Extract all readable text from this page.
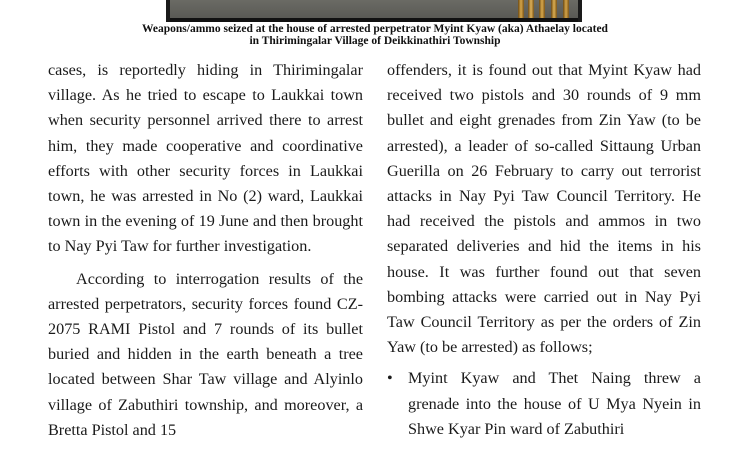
Weapons/ammo seized at the house of arrested perpetrator Myint Kyaw (aka) Athaelay located
in Thirimingalar Village of Deikkinathiri Township

cases, is reportedly hiding in Thirimingalar village. As he tried to escape to Laukkai town when security personnel arrived there to arrest him, they made cooperative and coordinative efforts with other security forces in Laukkai town, he was arrested in No (2) ward, Laukkai town in the evening of 19 June and then brought to Nay Pyi Taw for further investigation.

According to interrogation results of the arrested perpetrators, security forces found CZ-2075 RAMI Pistol and 7 rounds of its bullet buried and hidden in the earth beneath a tree located between Shar Taw village and Alyinlo village of Zabuthiri township, and moreover, a Bretta Pistol and 15

offenders, it is found out that Myint Kyaw had received two pistols and 30 rounds of 9 mm bullet and eight grenades from Zin Yaw (to be arrested), a leader of so-called Sittaung Urban Guerilla on 26 February to carry out terrorist attacks in Nay Pyi Taw Council Territory. He had received the pistols and ammos in two separated deliveries and hid the items in his house. It was further found out that seven bombing attacks were carried out in Nay Pyi Taw Council Territory as per the orders of Zin Yaw (to be arrested) as follows;

• Myint Kyaw and Thet Naing threw a grenade into the house of U Mya Nyein in Shwe Kyar Pin ward of Zabuthiri
